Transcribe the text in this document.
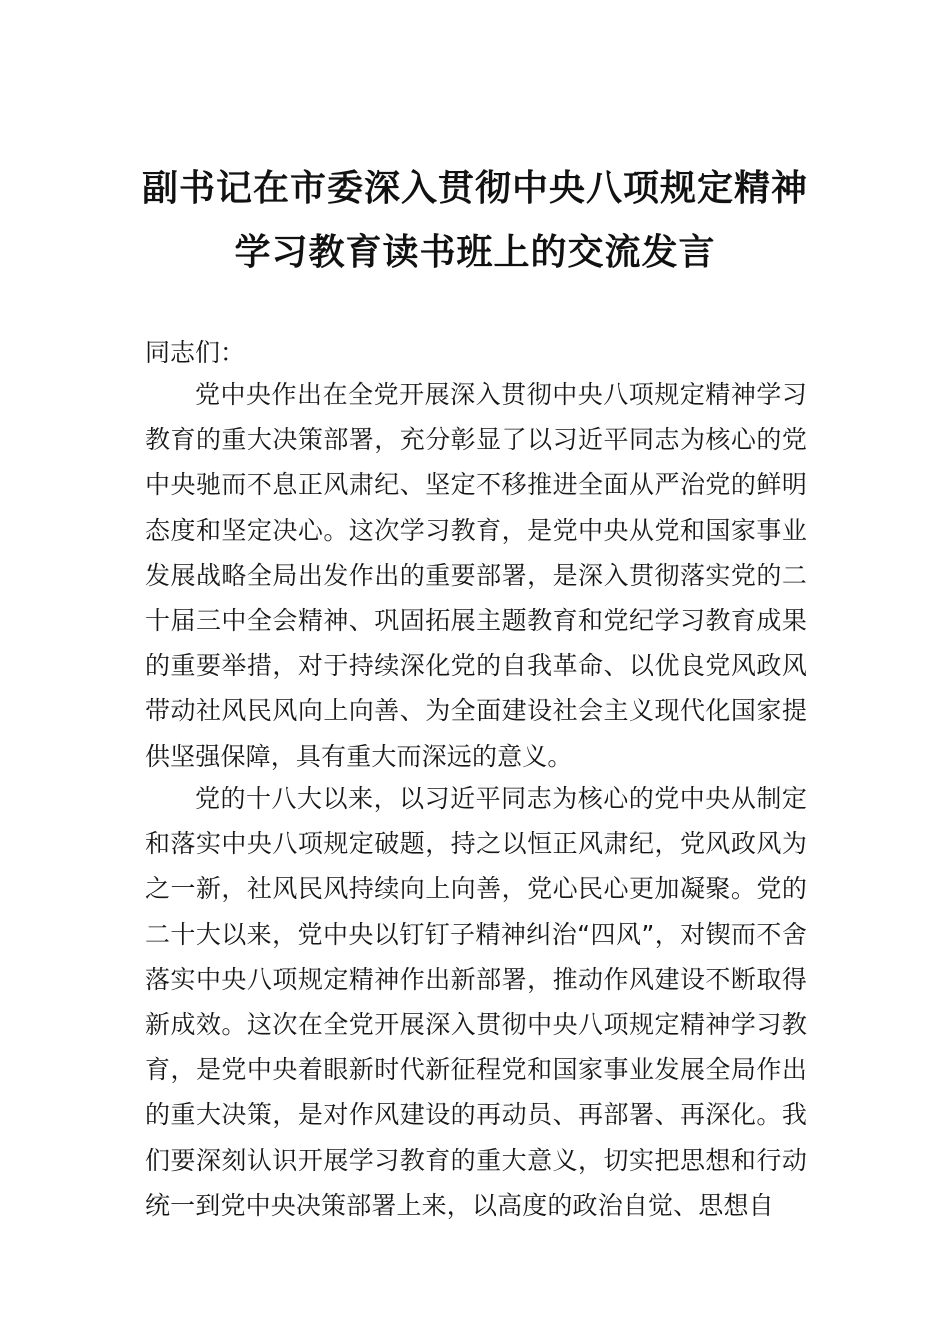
副书记在市委深入贯彻中央八项规定精神
学习教育读书班上的交流发言
同志们：
党中央作出在全党开展深入贯彻中央八项规定精神学习教育的重大决策部署，充分彰显了以习近平同志为核心的党中央驰而不息正风肃纪、坚定不移推进全面从严治党的鲜明态度和坚定决心。这次学习教育，是党中央从党和国家事业发展战略全局出发作出的重要部署，是深入贯彻落实党的二十届三中全会精神、巩固拓展主题教育和党纪学习教育成果的重要举措，对于持续深化党的自我革命、以优良党风政风带动社风民风向上向善、为全面建设社会主义现代化国家提供坚强保障，具有重大而深远的意义。
党的十八大以来，以习近平同志为核心的党中央从制定和落实中央八项规定破题，持之以恒正风肃纪，党风政风为之一新，社风民风持续向上向善，党心民心更加凝聚。党的二十大以来，党中央以钉钉子精神纠治“四风”，对锲而不舍落实中央八项规定精神作出新部署，推动作风建设不断取得新成效。这次在全党开展深入贯彻中央八项规定精神学习教育，是党中央着眼新时代新征程党和国家事业发展全局作出的重大决策，是对作风建设的再动员、再部署、再深化。我们要深刻认识开展学习教育的重大意义，切实把思想和行动统一到党中央决策部署上来，以高度的政治自觉、思想自
